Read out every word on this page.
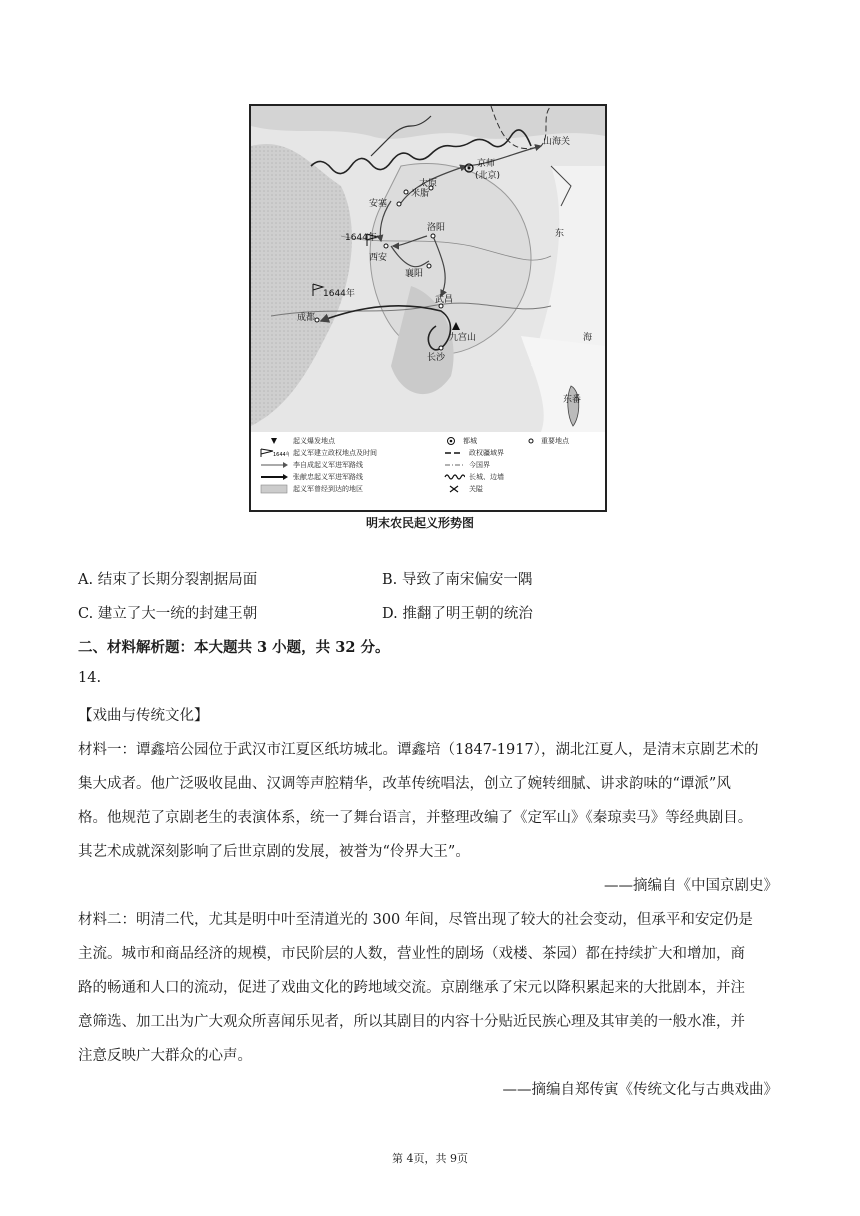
京师
(北京)
山海关
太原
米脂
安塞
西安
1644年
洛阳
襄阳
武昌
九宫山
长沙
成都
1644年
东
海
东番
起义爆发地点
1644年 起义军建立政权地点及时间
李自成起义军进军路线
张献忠起义军进军路线
起义军曾经到达的地区
都城	重要地点
政权疆域界
今国界
长城、边墙
关隘
明末农民起义形势图
A. 结束了长期分裂割据局面	B. 导致了南宋偏安一隅
C. 建立了大一统的封建王朝	D. 推翻了明王朝的统治
二、材料解析题：本大题共 3 小题，共 32 分。
14.
【戏曲与传统文化】
材料一：谭鑫培公园位于武汉市江夏区纸坊城北。谭鑫培（1847-1917），湖北江夏人，是清末京剧艺术的
集大成者。他广泛吸收昆曲、汉调等声腔精华，改革传统唱法，创立了婉转细腻、讲求韵味的“谭派”风
格。他规范了京剧老生的表演体系，统一了舞台语言，并整理改编了《定军山》《秦琼卖马》等经典剧目。
其艺术成就深刻影响了后世京剧的发展，被誉为“伶界大王”。
——摘编自《中国京剧史》
材料二：明清二代，尤其是明中叶至清道光的 300 年间，尽管出现了较大的社会变动，但承平和安定仍是
主流。城市和商品经济的规模，市民阶层的人数，营业性的剧场（戏楼、茶园）都在持续扩大和增加，商
路的畅通和人口的流动，促进了戏曲文化的跨地域交流。京剧继承了宋元以降积累起来的大批剧本，并注
意筛选、加工出为广大观众所喜闻乐见者，所以其剧目的内容十分贴近民族心理及其审美的一般水准，并
注意反映广大群众的心声。
——摘编自郑传寅《传统文化与古典戏曲》
第 4页，共 9页
